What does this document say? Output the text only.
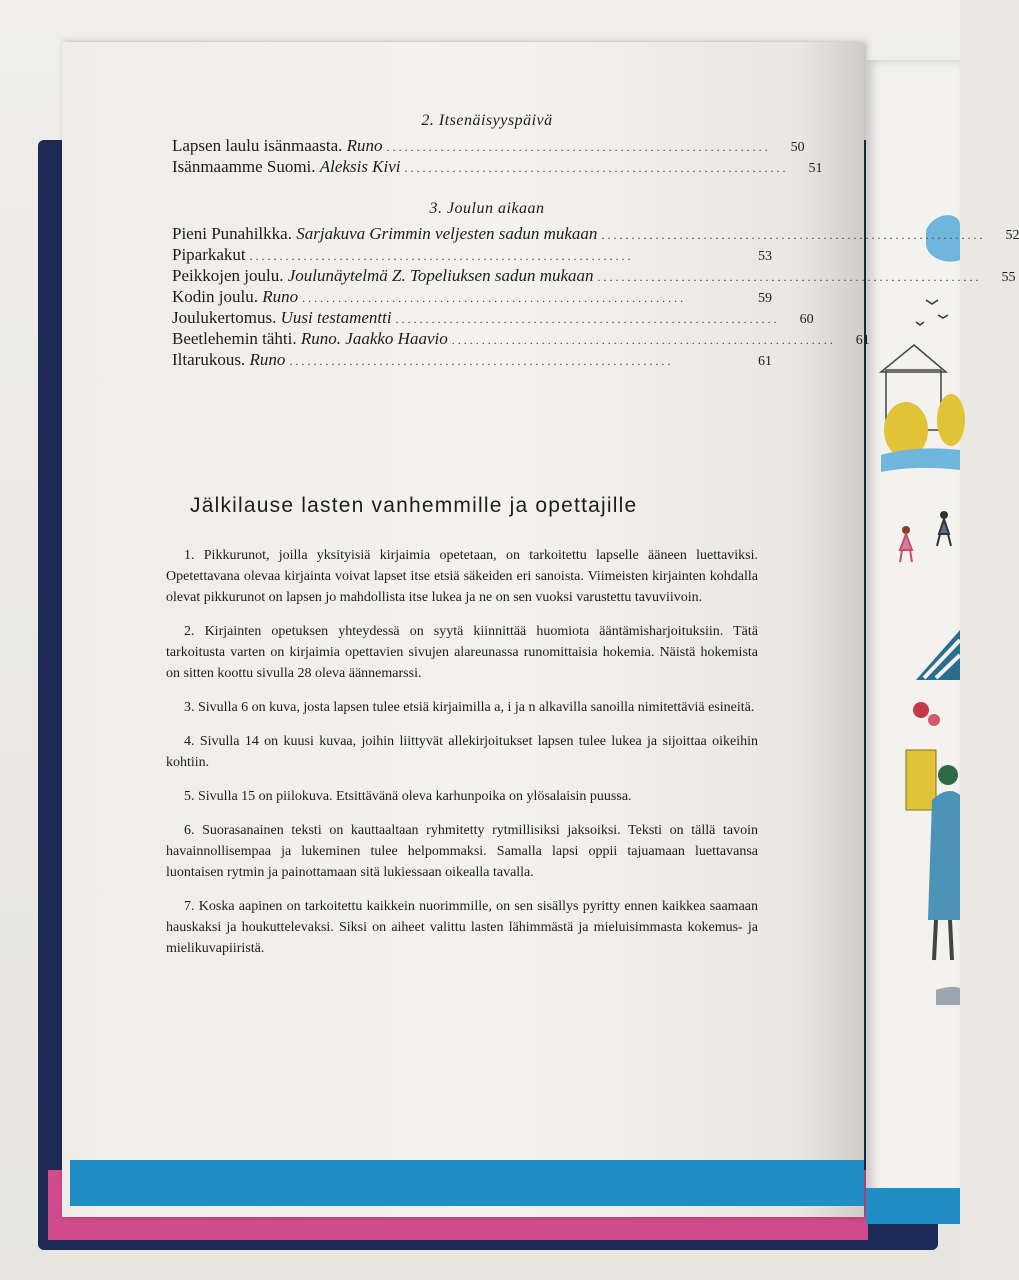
2. Itsenäisyyspäivä
Lapsen laulu isänmaasta. Runo ................................................................	50
Isänmaamme Suomi. Aleksis Kivi ................................................................	51
3. Joulun aikaan
Pieni Punahilkka. Sarjakuva Grimmin veljesten sadun mukaan ................................................................	52
Piparkakut ................................................................	53
Peikkojen joulu. Joulunäytelmä Z. Topeliuksen sadun mukaan ................................................................	55
Kodin joulu. Runo ................................................................	59
Joulukertomus. Uusi testamentti ................................................................	60
Beetlehemin tähti. Runo. Jaakko Haavio ................................................................	61
Iltarukous. Runo ................................................................	61
Jälkilause lasten vanhemmille ja opettajille

1. Pikkurunot, joilla yksityisiä kirjaimia opetetaan, on tarkoitettu lapselle ääneen luettaviksi. Opetettavana olevaa kirjainta voivat lapset itse etsiä säkeiden eri sanoista. Viimeisten kirjainten kohdalla olevat pikkurunot on lapsen jo mahdollista itse lukea ja ne on sen vuoksi varustettu tavuviivoin.

2. Kirjainten opetuksen yhteydessä on syytä kiinnittää huomiota ääntämisharjoituksiin. Tätä tarkoitusta varten on kirjaimia opettavien sivujen alareunassa runomittaisia hokemia. Näistä hokemista on sitten koottu sivulla 28 oleva äännemarssi.

3. Sivulla 6 on kuva, josta lapsen tulee etsiä kirjaimilla a, i ja n alkavilla sanoilla nimitettäviä esineitä.

4. Sivulla 14 on kuusi kuvaa, joihin liittyvät allekirjoitukset lapsen tulee lukea ja sijoittaa oikeihin kohtiin.

5. Sivulla 15 on piilokuva. Etsittävänä oleva karhunpoika on ylösalaisin puussa.

6. Suorasanainen teksti on kauttaaltaan ryhmitetty rytmillisiksi jaksoiksi. Teksti on tällä tavoin havainnollisempaa ja lukeminen tulee helpommaksi. Samalla lapsi oppii tajuamaan luettavansa luontaisen rytmin ja painottamaan sitä lukiessaan oikealla tavalla.

7. Koska aapinen on tarkoitettu kaikkein nuorimmille, on sen sisällys pyritty ennen kaikkea saamaan hauskaksi ja houkuttelevaksi. Siksi on aiheet valittu lasten lähimmästä ja mieluisimmasta kokemus- ja mielikuvapiiristä.
